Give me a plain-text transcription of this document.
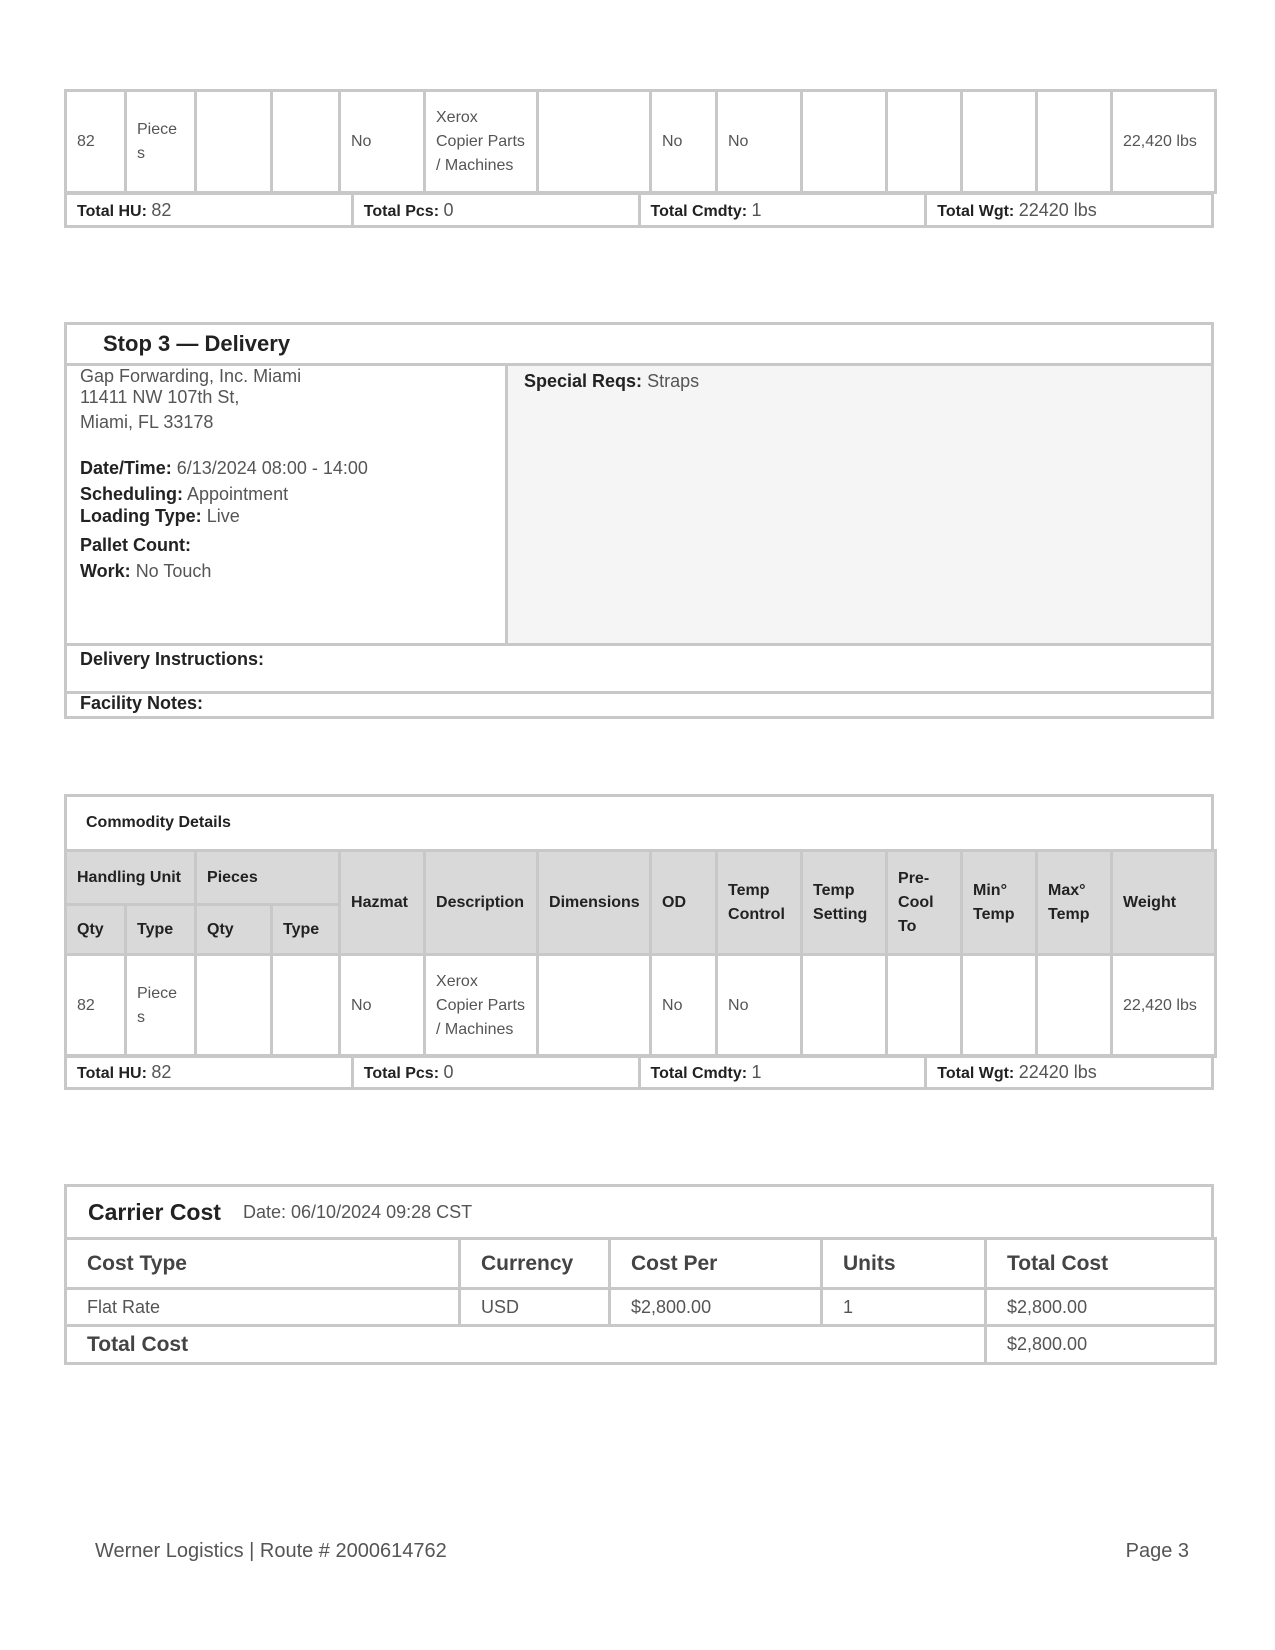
82	Pieces			No	Xerox Copier Parts / Machines		No	No					22,420 lbs
Total HU: 82	Total Pcs: 0	Total Cmdty: 1	Total Wgt: 22420 lbs
Stop 3 — Delivery
Gap Forwarding, Inc. Miami
11411 NW 107th St,
Miami, FL 33178
Date/Time: 6/13/2024 08:00 - 14:00
Scheduling: Appointment
Loading Type: Live
Pallet Count:
Work: No Touch
Special Reqs: Straps
Delivery Instructions:
Facility Notes:
Commodity Details
Handling Unit		Pieces		Hazmat	Description	Dimensions	OD	Temp Control	Temp Setting	Pre-Cool To	Min° Temp	Max° Temp	Weight
Qty	Type	Qty	Type										
82	Pieces			No	Xerox Copier Parts / Machines		No	No					22,420 lbs
Total HU: 82	Total Pcs: 0	Total Cmdty: 1	Total Wgt: 22420 lbs
Carrier Cost Date: 06/10/2024 09:28 CST
Cost Type	Currency	Cost Per	Units	Total Cost
Flat Rate	USD	$2,800.00	1	$2,800.00
Total Cost				$2,800.00
Werner Logistics | Route # 2000614762	Page 3
